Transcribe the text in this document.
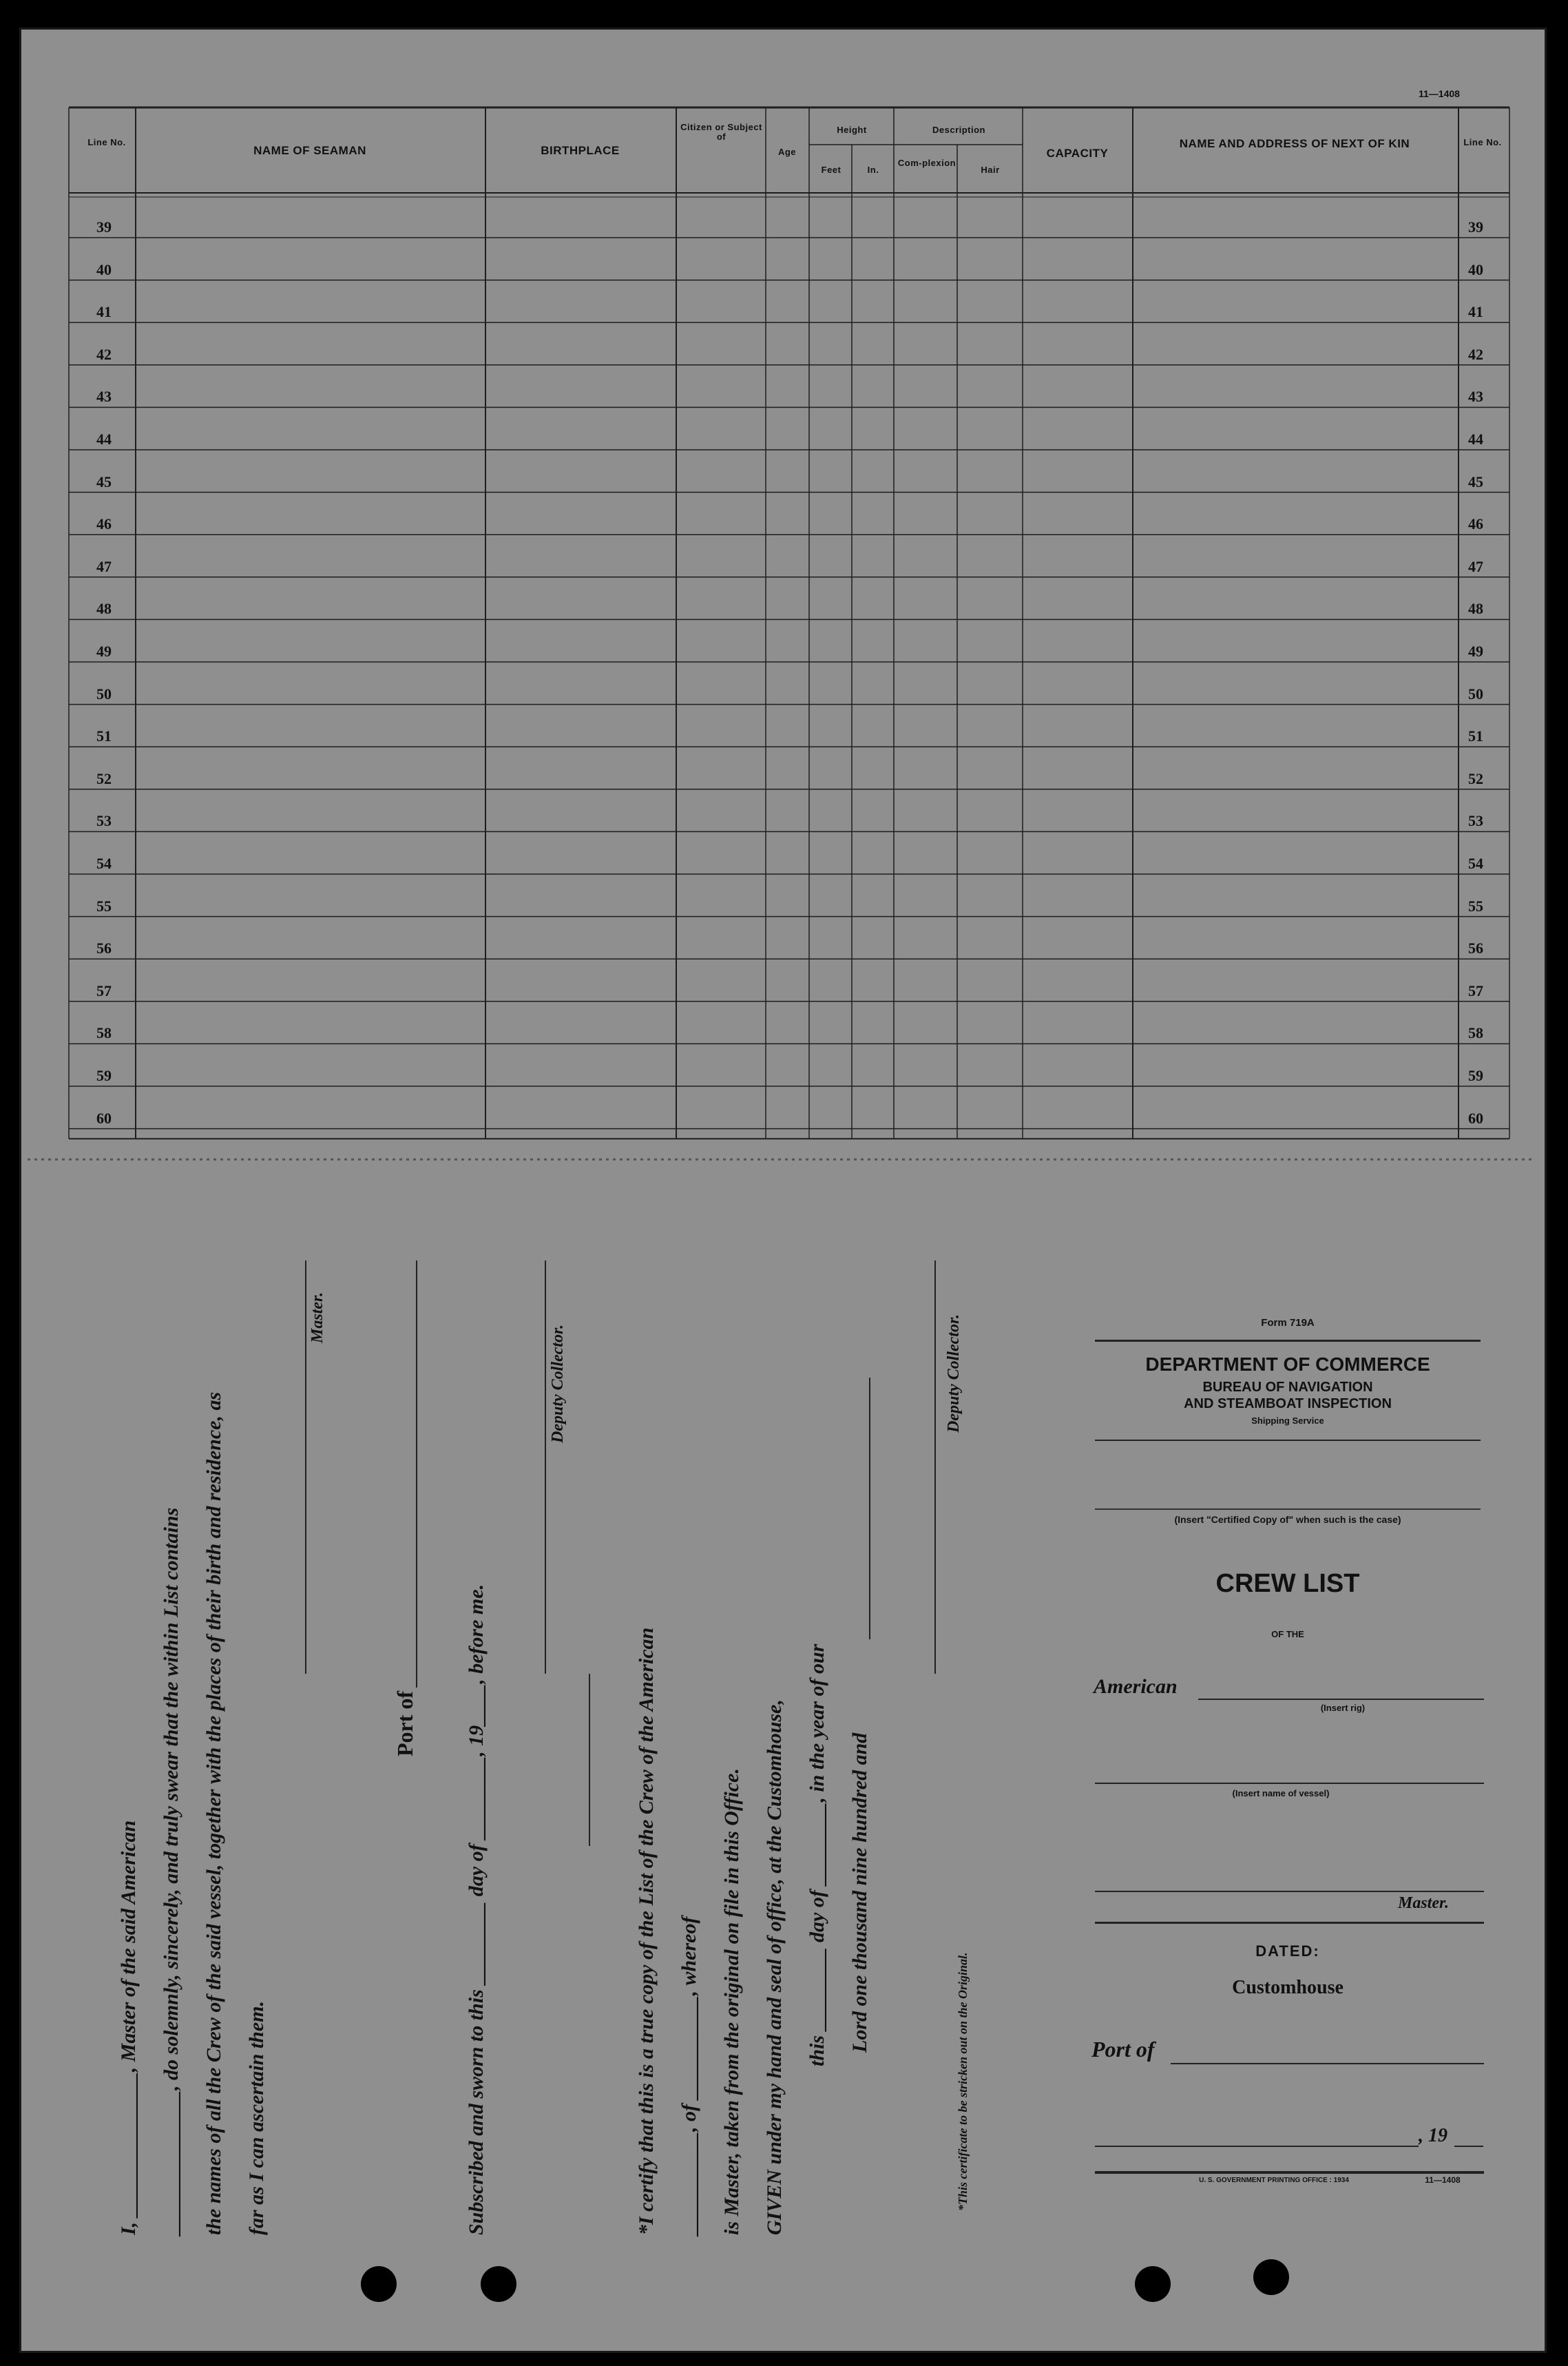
11—1408
Line No.
NAME OF SEAMAN	BIRTHPLACE
Citizen or Subject of
Age
Height
Feet	In.
Description
Com-plexion
Hair
CAPACITY
NAME AND ADDRESS OF NEXT OF KIN	Line No.
39	39
40	40
41	41
42	42
43	43
44	44
45	45
46	46
47	47
48	48
49	49
50	50
51	51
52	52
53	53
54	54
55	55
56	56
57	57
58	58
59	59
60	60
I, ______________, Master of the said American ______________, do solemnly, sincerely, and truly swear that the within List contains the names of all the Crew of the said vessel, together with the places of their birth and residence, as far as I can ascertain them.
Master.
Port of Subscribed and sworn to this ________ day of ________, 19____, before me.
Deputy Collector.
*I certify that this is a true copy of the List of the Crew of the American __________, of __________, whereof is Master, taken from the original on file in this Office. GIVEN under my hand and seal of office, at the Customhouse, this ________ day of ________, in the year of our Lord one thousand nine hundred and
Deputy Collector.
*This certificate to be stricken out on the Original.
Form 719A
DEPARTMENT OF COMMERCE
BUREAU OF NAVIGATION
AND STEAMBOAT INSPECTION
Shipping Service
(Insert "Certified Copy of" when such is the case)
CREW LIST
OF THE
American
(Insert rig)
(Insert name of vessel)
Master.
DATED:
Customhouse
Port of
, 19
U. S. GOVERNMENT PRINTING OFFICE : 1934	11—1408
